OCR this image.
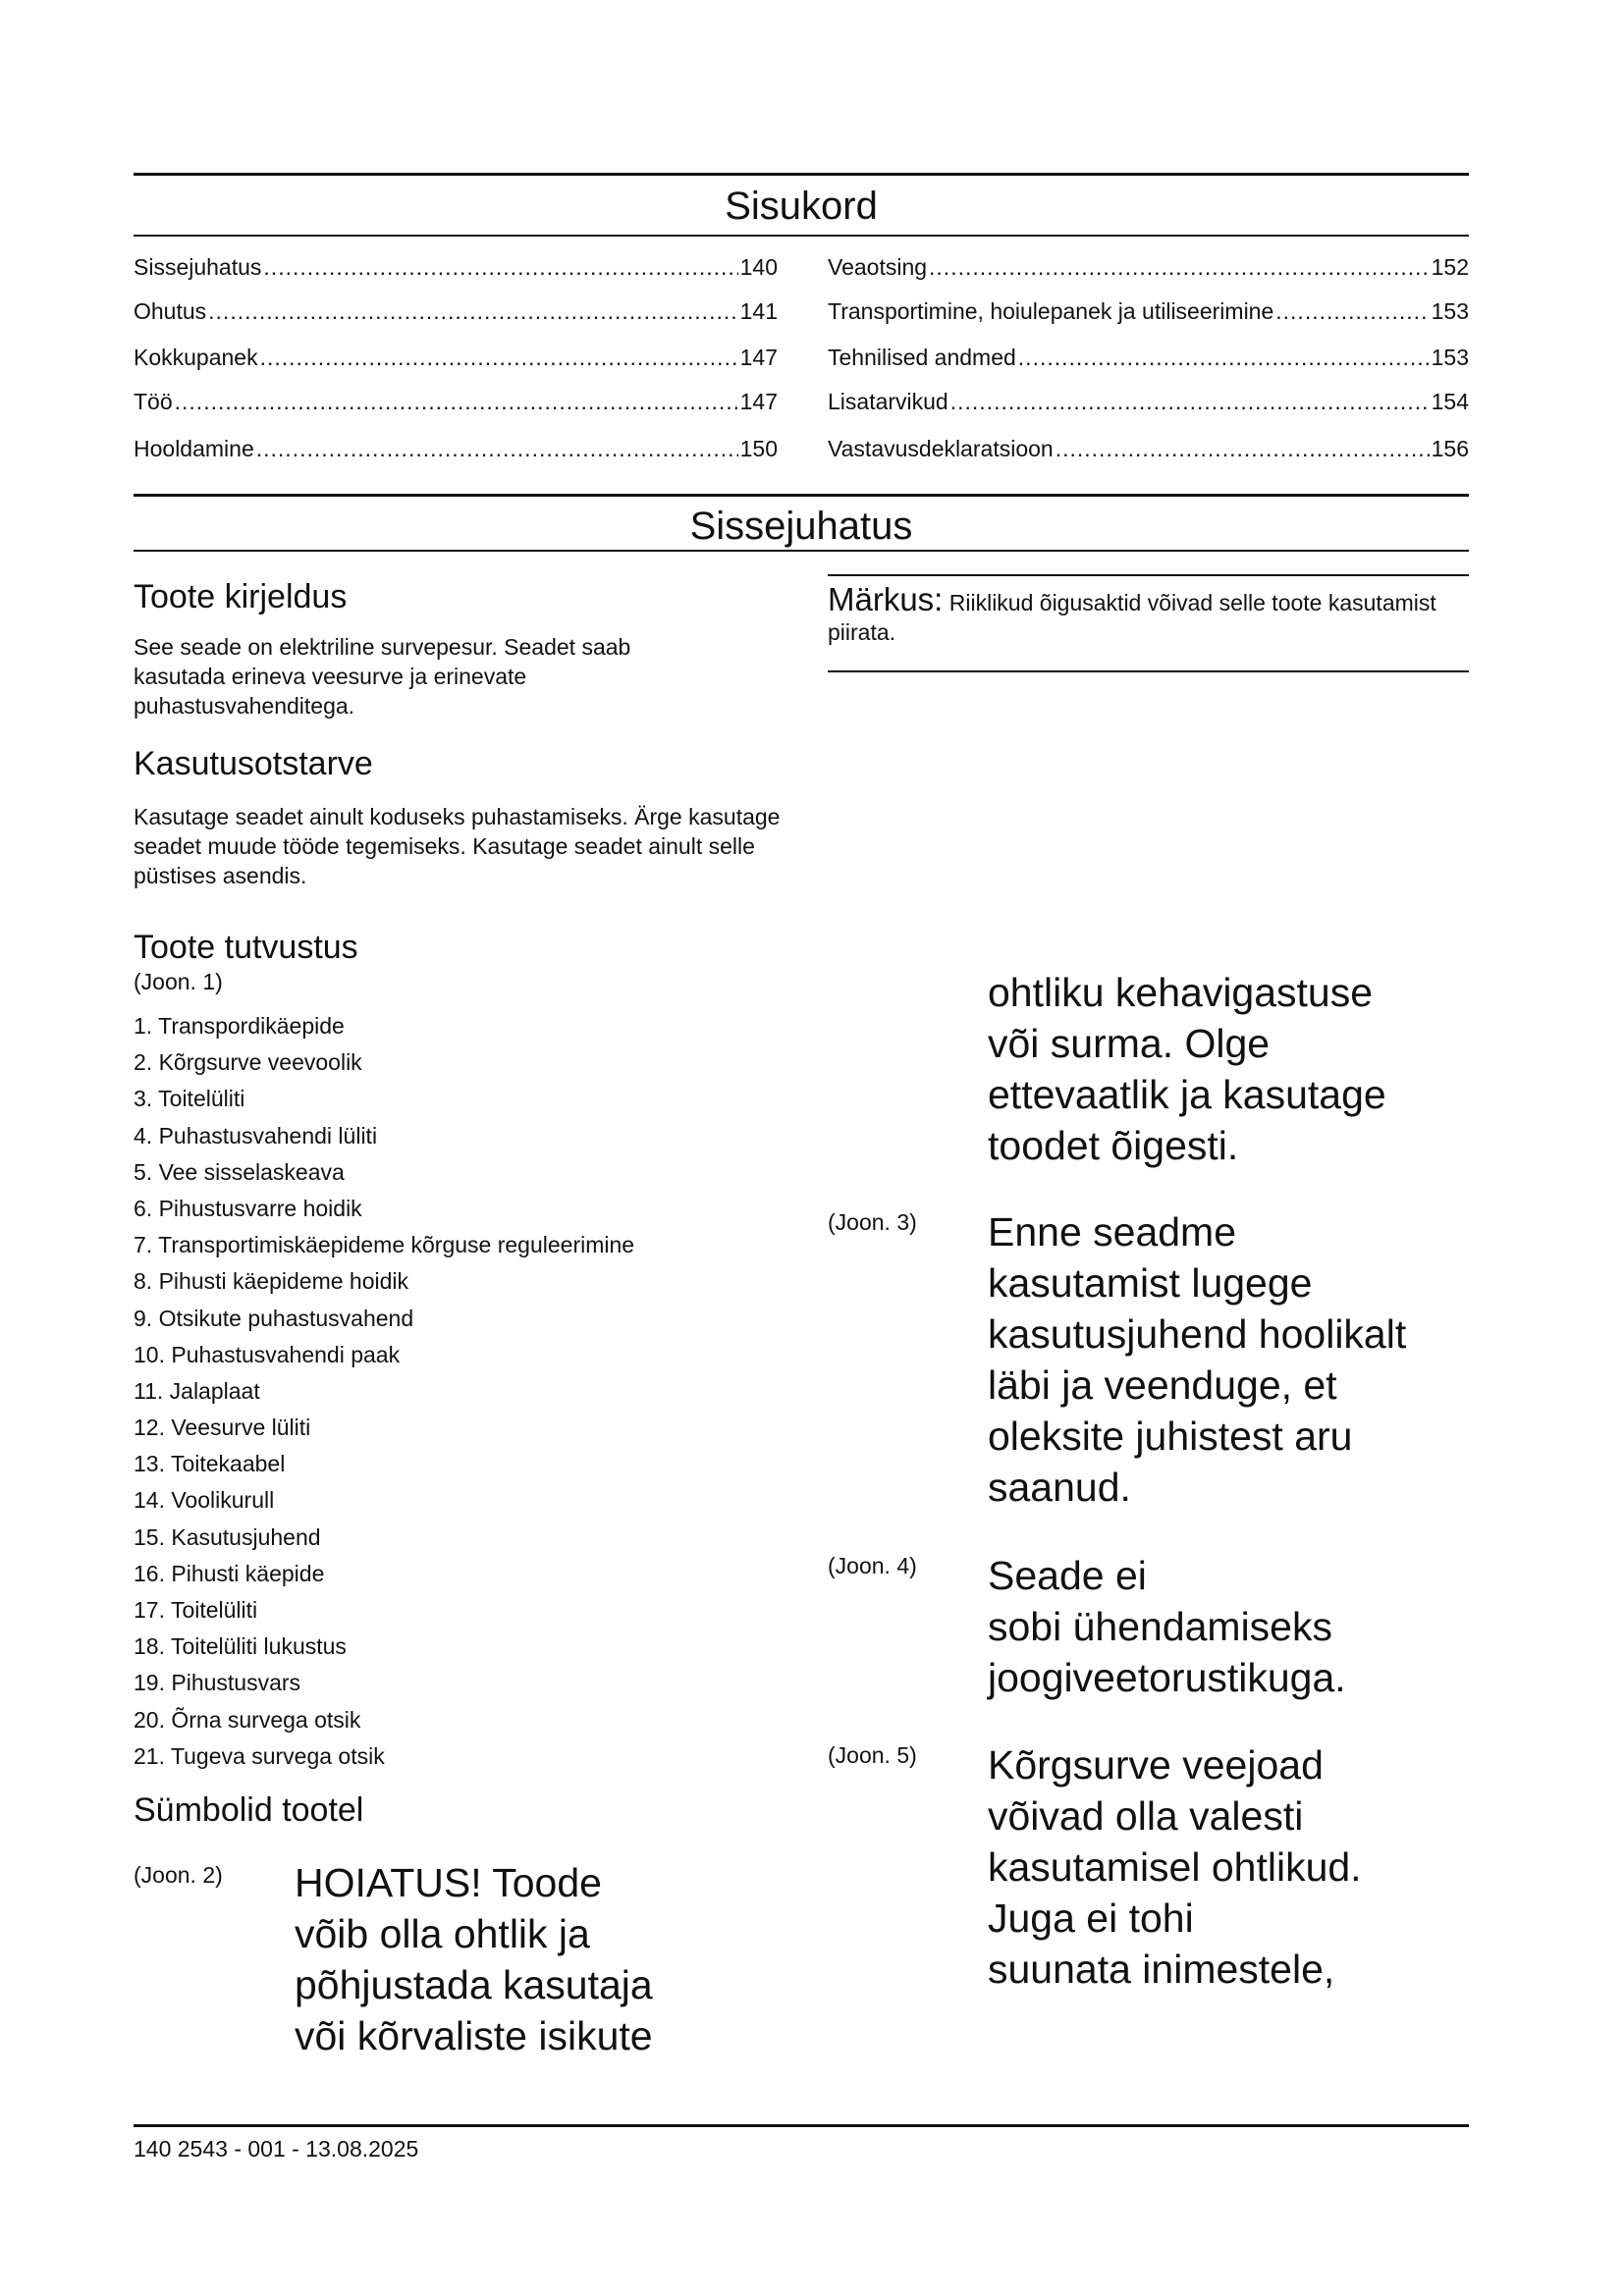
Sisukord
Sissejuhatus .....	140
Ohutus .....	141
Kokkupanek .....	147
Töö .....	147
Hooldamine .....	150
Veaotsing .....	152
Transportimine, hoiulepanek ja utiliseerimine .....	153
Tehnilised andmed .....	153
Lisatarvikud .....	154
Vastavusdeklaratsioon .....	156
Sissejuhatus
Toote kirjeldus
See seade on elektriline survepesur. Seadet saab kasutada erineva veesurve ja erinevate puhastusvahenditega.
Kasutusotstarve
Kasutage seadet ainult koduseks puhastamiseks. Ärge kasutage seadet muude tööde tegemiseks. Kasutage seadet ainult selle püstises asendis.
Toote tutvustus
(Joon. 1)
1. Transpordikäepide
2. Kõrgsurve veevoolik
3. Toitelüliti
4. Puhastusvahendi lüliti
5. Vee sisselaskeava
6. Pihustusvarre hoidik
7. Transportimiskäepideme kõrguse reguleerimine
8. Pihusti käepideme hoidik
9. Otsikute puhastusvahend
10. Puhastusvahendi paak
11. Jalaplaat
12. Veesurve lüliti
13. Toitekaabel
14. Voolikurull
15. Kasutusjuhend
16. Pihusti käepide
17. Toitelüliti
18. Toitelüliti lukustus
19. Pihustusvars
20. Õrna survega otsik
21. Tugeva survega otsik
Sümbolid tootel
(Joon. 2) HOIATUS! Toode
võib olla ohtlik ja
põhjustada kasutaja
või kõrvaliste isikute
ohtliku kehavigastuse
või surma. Olge
ettevaatlik ja kasutage
toodet õigesti.
(Joon. 3) Enne seadme
kasutamist lugege
kasutusjuhend hoolikalt
läbi ja veenduge, et
oleksite juhistest aru
saanud.
(Joon. 4) Seade ei
sobi ühendamiseks
joogiveetorustikuga.
(Joon. 5) Kõrgsurve veejoad
võivad olla valesti
kasutamisel ohtlikud.
Juga ei tohi
suunata inimestele,
Märkus: Riiklikud õigusaktid võivad selle toote kasutamist piirata.
140 2543 - 001 - 13.08.2025
